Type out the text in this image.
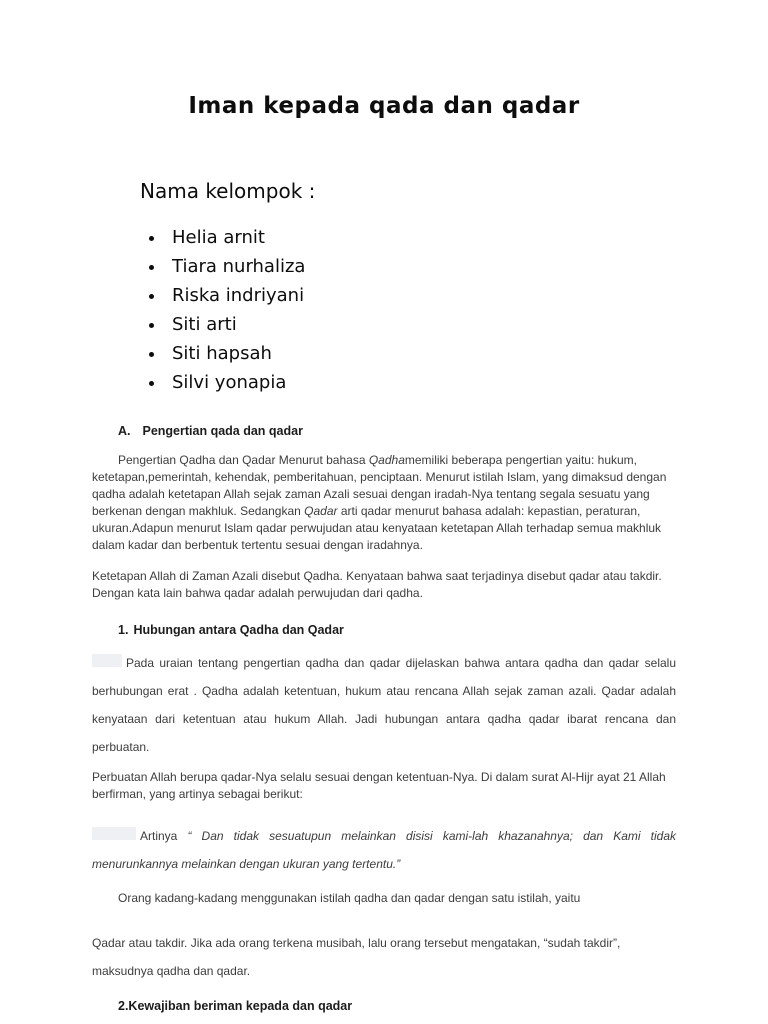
Iman kepada qada dan qadar
Nama kelompok :
• Helia arnit
• Tiara nurhaliza
• Riska indriyani
• Siti arti
• Siti hapsah
• Silvi yonapia
A. Pengertian qada dan qadar

Pengertian Qadha dan Qadar Menurut bahasa Qadhamemiliki beberapa pengertian yaitu: hukum, ketetapan,pemerintah, kehendak, pemberitahuan, penciptaan. Menurut istilah Islam, yang dimaksud dengan qadha adalah ketetapan Allah sejak zaman Azali sesuai dengan iradah-Nya tentang segala sesuatu yang berkenan dengan makhluk. Sedangkan Qadar arti qadar menurut bahasa adalah: kepastian, peraturan, ukuran.Adapun menurut Islam qadar perwujudan atau kenyataan ketetapan Allah terhadap semua makhluk dalam kadar dan berbentuk tertentu sesuai dengan iradahnya.

Ketetapan Allah di Zaman Azali disebut Qadha. Kenyataan bahwa saat terjadinya disebut qadar atau takdir. Dengan kata lain bahwa qadar adalah perwujudan dari qadha.

1. Hubungan antara Qadha dan Qadar

Pada uraian tentang pengertian qadha dan qadar dijelaskan bahwa antara qadha dan qadar selalu berhubungan erat . Qadha adalah ketentuan, hukum atau rencana Allah sejak zaman azali. Qadar adalah kenyataan dari ketentuan atau hukum Allah. Jadi hubungan antara qadha qadar ibarat rencana dan perbuatan.

Perbuatan Allah berupa qadar-Nya selalu sesuai dengan ketentuan-Nya. Di dalam surat Al-Hijr ayat 21 Allah berfirman, yang artinya sebagai berikut:

Artinya “ Dan tidak sesuatupun melainkan disisi kami-lah khazanahnya; dan Kami tidak menurunkannya melainkan dengan ukuran yang tertentu.”

Orang kadang-kadang menggunakan istilah qadha dan qadar dengan satu istilah, yaitu

Qadar atau takdir. Jika ada orang terkena musibah, lalu orang tersebut mengatakan, “sudah takdir”, maksudnya qadha dan qadar.

2.Kewajiban beriman kepada dan qadar
